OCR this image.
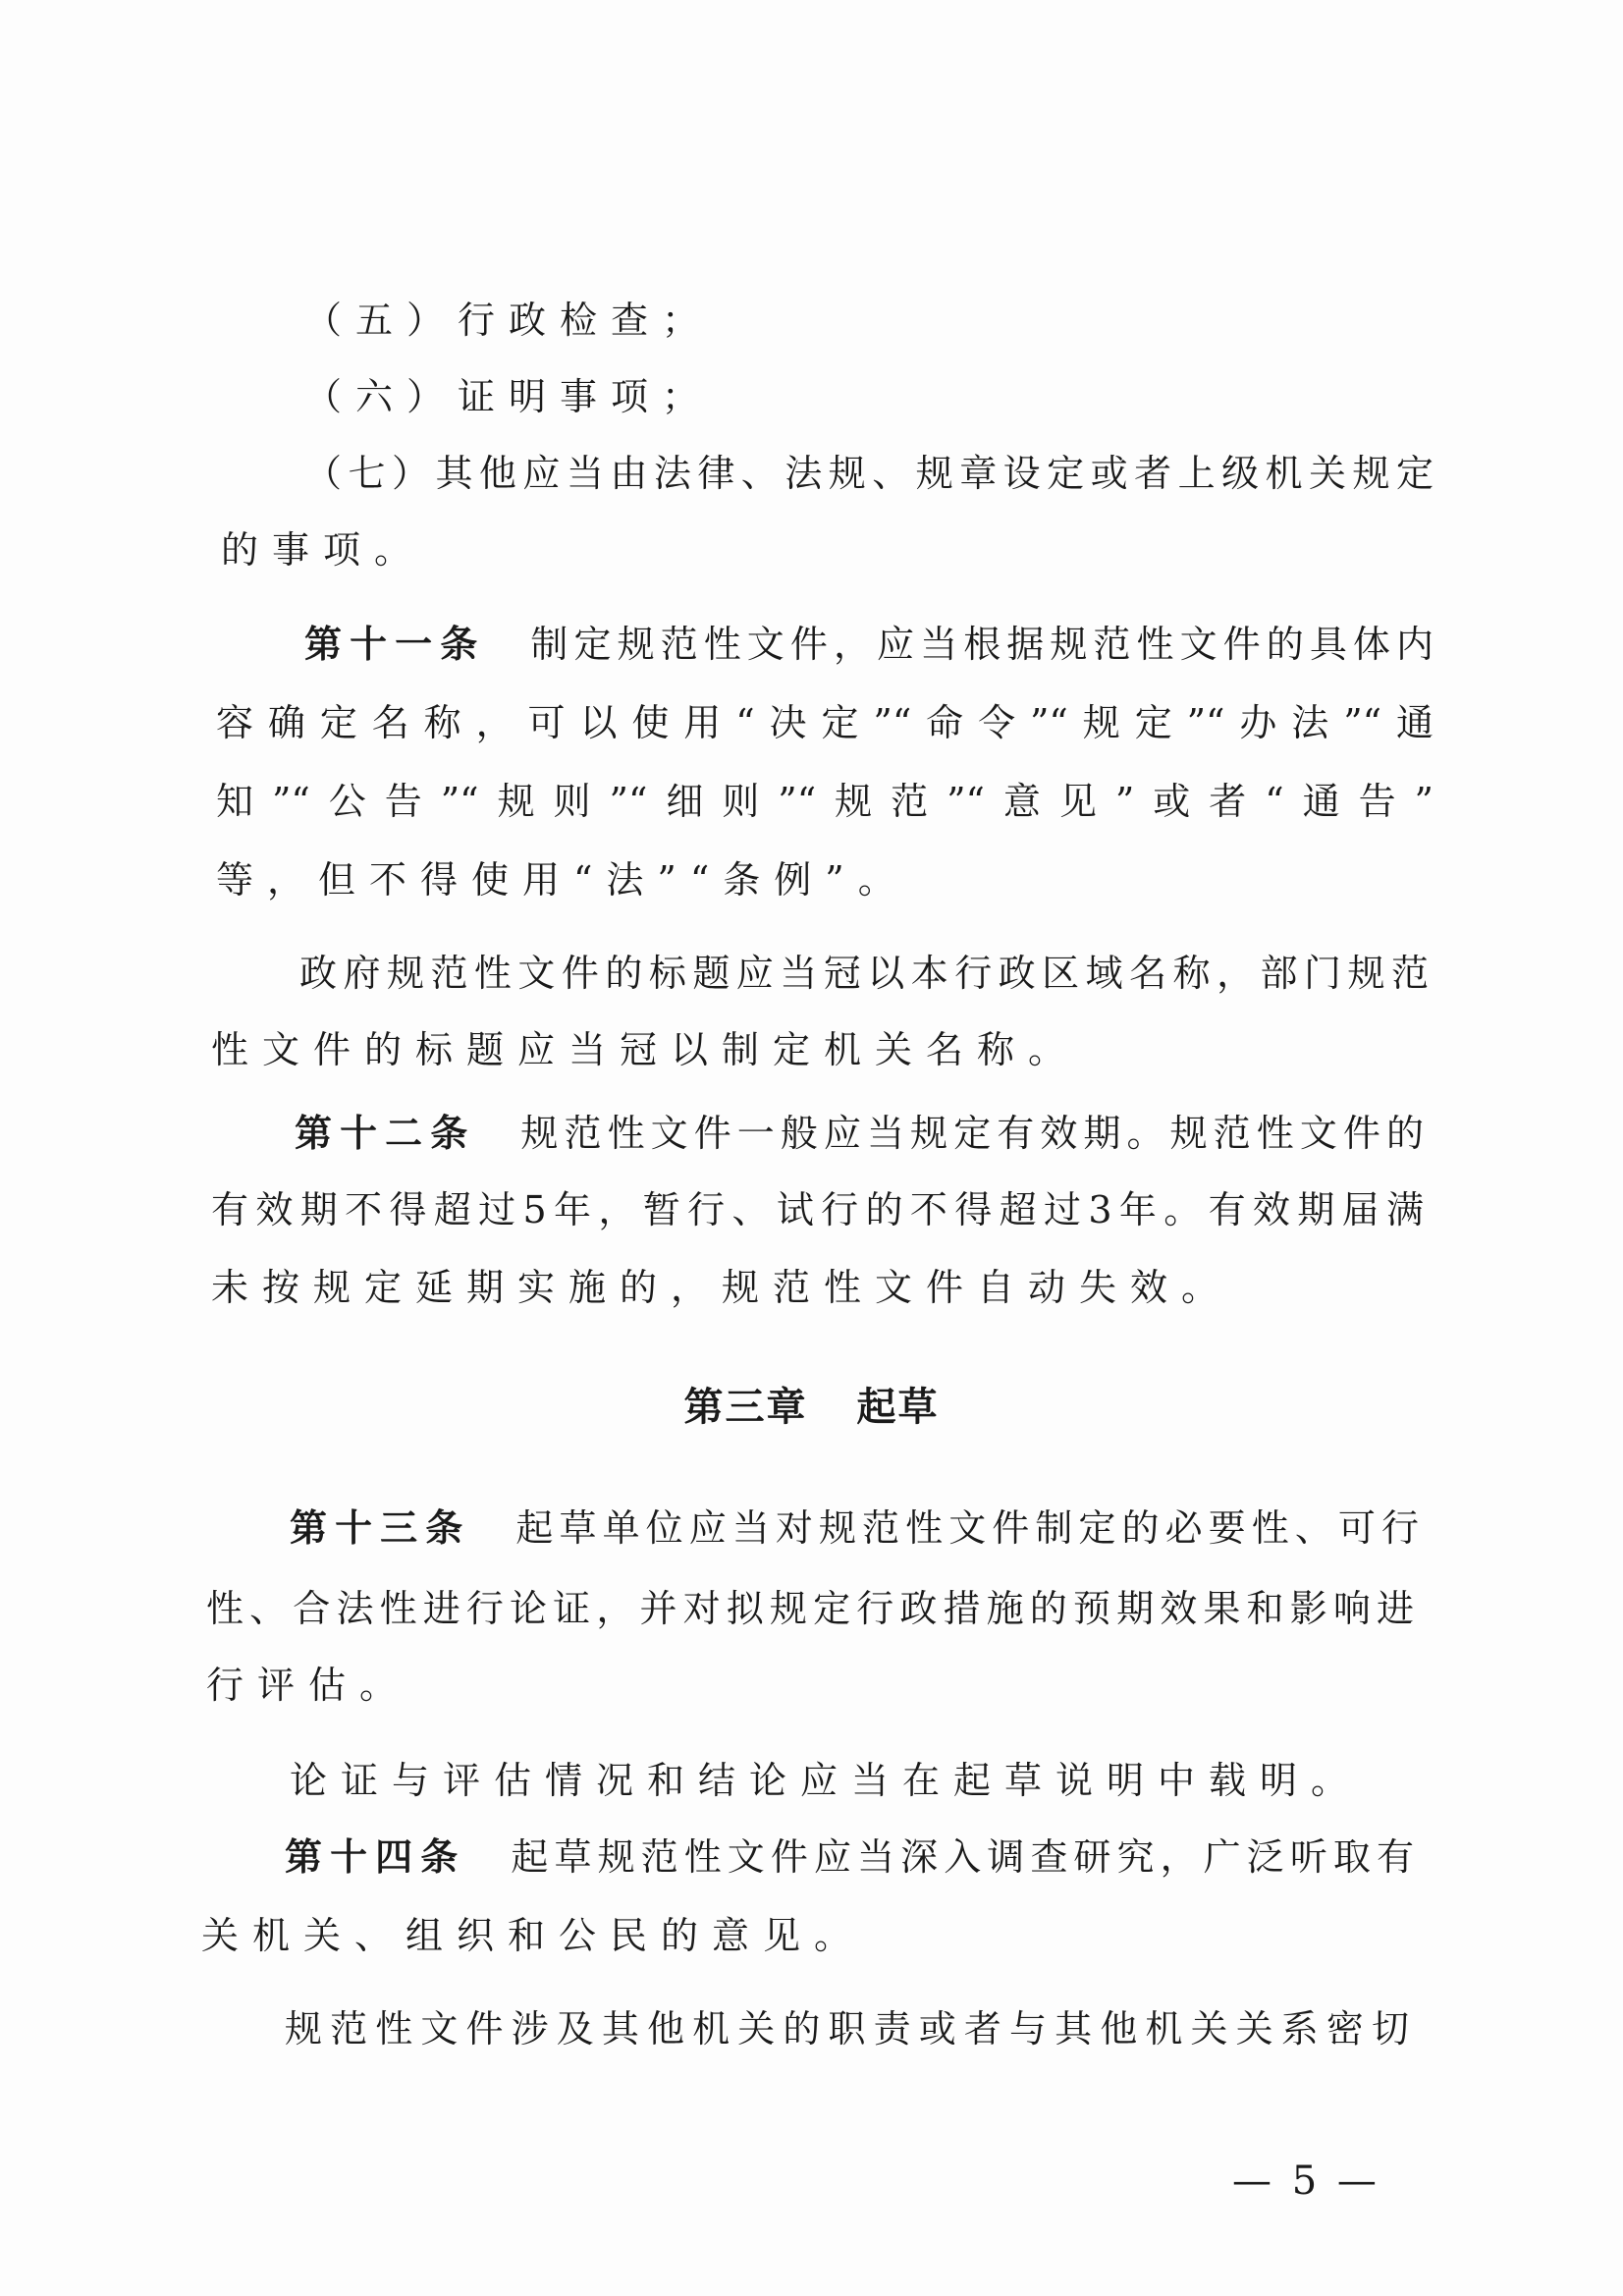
（五）行政检查；
（六）证明事项；
（七）其他应当由法律、法规、规章设定或者上级机关规定
的事项。
第十一条 制定规范性文件，应当根据规范性文件的具体内
容确定名称，可以使用“决定”“命令”“规定”“办法”“通
知”“公告”“规则”“细则”“规范”“意见”或者“通告”
等，但不得使用“法”“条例”。
政府规范性文件的标题应当冠以本行政区域名称，部门规范
性文件的标题应当冠以制定机关名称。
第十二条 规范性文件一般应当规定有效期。规范性文件的
有效期不得超过5年，暂行、试行的不得超过3年。有效期届满
未按规定延期实施的，规范性文件自动失效。
第三章 起草
第十三条 起草单位应当对规范性文件制定的必要性、可行
性、合法性进行论证，并对拟规定行政措施的预期效果和影响进
行评估。
论证与评估情况和结论应当在起草说明中载明。
第十四条 起草规范性文件应当深入调查研究，广泛听取有
关机关、组织和公民的意见。
规范性文件涉及其他机关的职责或者与其他机关关系密切
— 5 —
